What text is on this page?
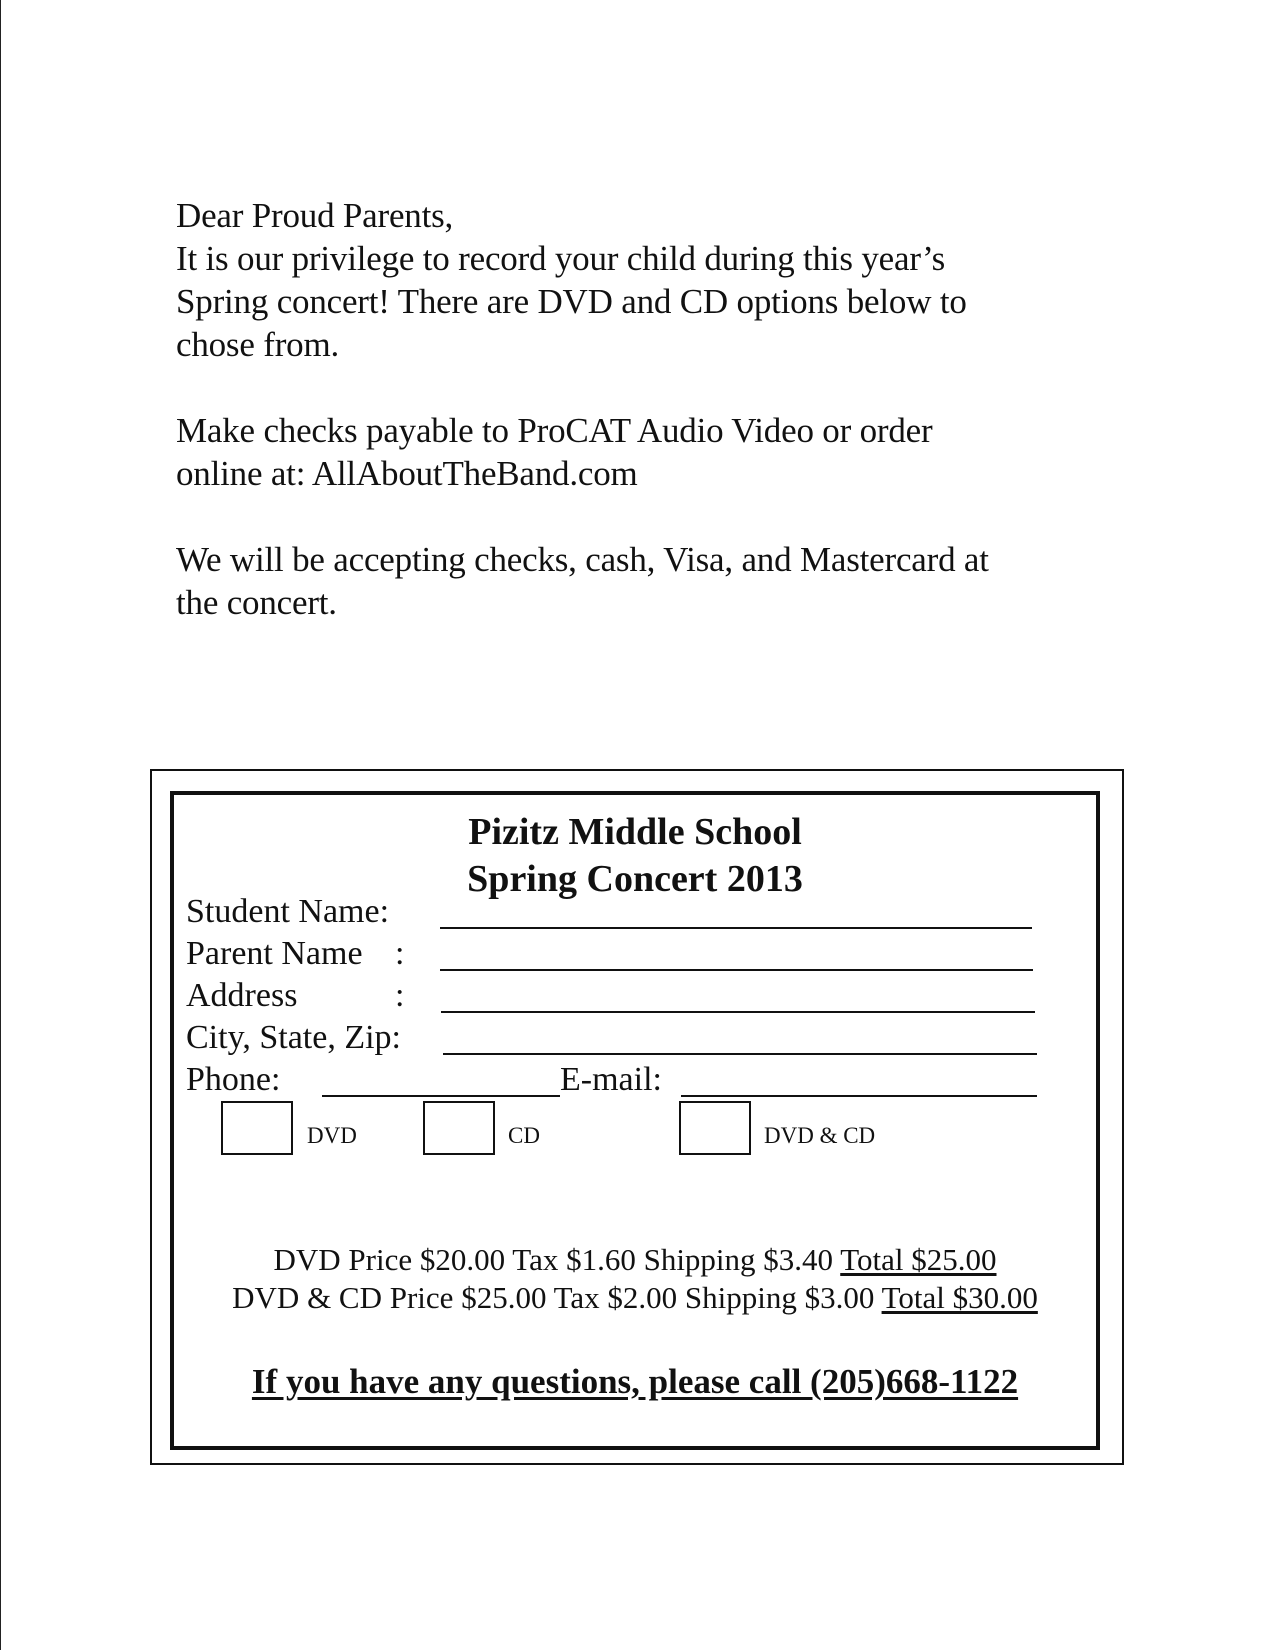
Dear Proud Parents,

It is our privilege to record your child during this year’s

Spring concert! There are DVD and CD options below to

chose from.

Make checks payable to ProCAT Audio Video or order

online at: AllAboutTheBand.com

We will be accepting checks, cash, Visa, and Mastercard at

the concert.

Pizitz Middle School
Spring Concert 2013
Student Name:
Parent Name :
Address	:
City, State, Zip:
Phone:	E-mail:
DVD	CD	DVD & CD

DVD Price $20.00 Tax $1.60 Shipping $3.40 Total $25.00

DVD & CD Price $25.00 Tax $2.00 Shipping $3.00 Total $30.00

If you have any questions, please call (205)668-1122
